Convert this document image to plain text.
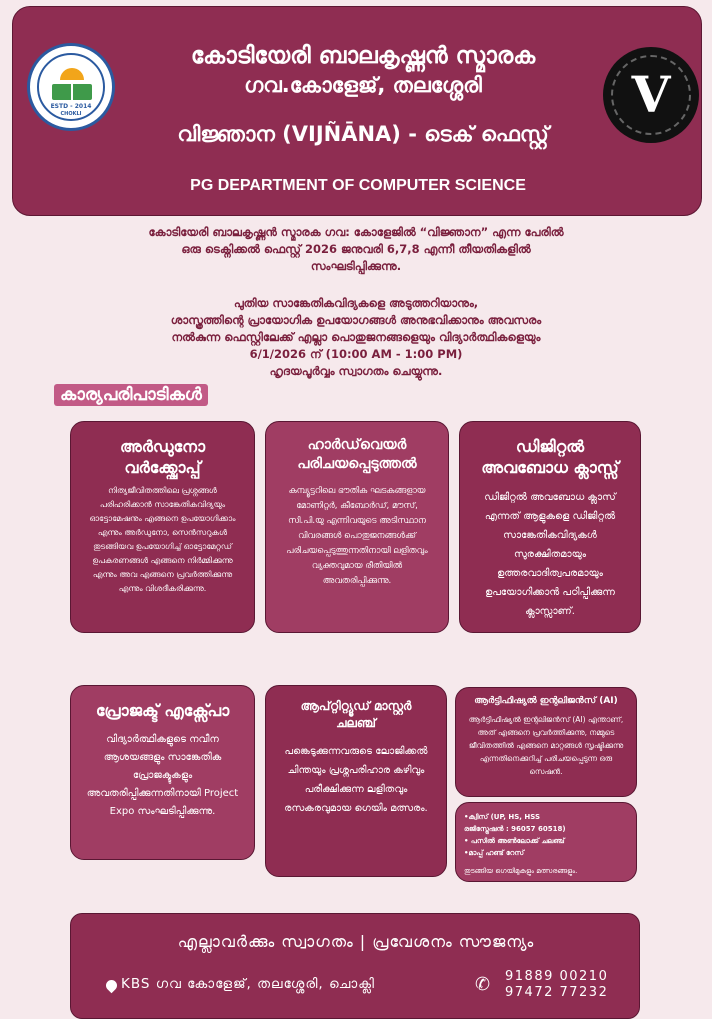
ESTD - 2014
CHOKLI
കോടിയേരി ബാലകൃഷ്ണൻ സ്മാരക
ഗവ.കോളേജ്, തലശ്ശേരി
വിജ്ഞാന (VIJÑĀNA) - ടെക് ഫെസ്റ്റ്
PG DEPARTMENT OF COMPUTER SCIENCE
V
കോടിയേരി ബാലകൃഷ്ണൻ സ്മാരക ഗവ: കോളേജിൽ “വിജ്ഞാന” എന്ന പേരിൽ
ഒരു ടെക്നിക്കൽ ഫെസ്റ്റ് 2026 ജനുവരി 6,7,8 എന്നീ തീയതികളിൽ
സംഘടിപ്പിക്കുന്നു.
പുതിയ സാങ്കേതികവിദ്യകളെ അടുത്തറിയാനും,
ശാസ്ത്രത്തിന്റെ പ്രായോഗിക ഉപയോഗങ്ങൾ അനുഭവിക്കാനും അവസരം
നൽകുന്ന ഫെസ്റ്റിലേക്ക് എല്ലാ പൊതുജനങ്ങളെയും വിദ്യാർത്ഥികളെയും
6/1/2026 ന് (10:00 AM - 1:00 PM)
ഹൃദയപൂർവ്വം സ്വാഗതം ചെയ്യുന്നു.
കാര്യപരിപാടികൾ
അർഡുനോ വർക്ക്ഷോപ്പ്
നിത്യജീവിതത്തിലെ പ്രശ്നങ്ങൾ പരിഹരിക്കാൻ സാങ്കേതികവിദ്യയും ഓട്ടോമേഷനും എങ്ങനെ ഉപയോഗിക്കാം എന്നും അർഡുനോ, സെൻസറുകൾ തുടങ്ങിയവ ഉപയോഗിച്ച് ഓട്ടോമേറ്റഡ് ഉപകരണങ്ങൾ എങ്ങനെ നിർമ്മിക്കുന്നു എന്നും അവ എങ്ങനെ പ്രവർത്തിക്കുന്നു എന്നും വിശദീകരിക്കുന്നു.
ഹാർഡ്‌വെയർ പരിചയപ്പെടുത്തൽ
കമ്പ്യൂട്ടറിലെ ഭൗതിക ഘടകങ്ങളായ മോണിറ്റർ, കീബോർഡ്, മൗസ്, സി.പി.യു എന്നിവയുടെ അടിസ്ഥാന വിവരങ്ങൾ പൊതുജനങ്ങൾക്ക് പരിചയപ്പെടുത്തുന്നതിനായി ലളിതവും വ്യക്തവുമായ രീതിയിൽ അവതരിപ്പിക്കുന്നു.
ഡിജിറ്റൽ അവബോധ ക്ലാസ്സ്
ഡിജിറ്റൽ അവബോധ ക്ലാസ് എന്നത് ആളുകളെ ഡിജിറ്റൽ സാങ്കേതികവിദ്യകൾ സുരക്ഷിതമായും ഉത്തരവാദിത്വപരമായും ഉപയോഗിക്കാൻ പഠിപ്പിക്കുന്ന ക്ലാസ്സാണ്.
പ്രോജക്ട് എക്സ്പോ
വിദ്യാർത്ഥികളുടെ നവീന ആശയങ്ങളും സാങ്കേതിക പ്രോജക്ടുകളും അവതരിപ്പിക്കുന്നതിനായി Project Expo സംഘടിപ്പിക്കുന്നു.
ആപ്റ്റിറ്റ്യൂഡ് മാസ്റ്റർ ചലഞ്ച്
പങ്കെടുക്കുന്നവരുടെ ലോജിക്കൽ ചിന്തയും പ്രശ്നപരിഹാര കഴിവും പരീക്ഷിക്കുന്ന ലളിതവും രസകരവുമായ ഗെയിം മത്സരം.
ആർട്ടിഫിഷ്യൽ ഇന്റലിജൻസ് (AI)
ആർട്ടിഫിഷ്യൽ ഇന്റലിജൻസ് (AI) എന്താണ്, അത് എങ്ങനെ പ്രവർത്തിക്കുന്നു, നമ്മുടെ ജീവിതത്തിൽ എങ്ങനെ മാറ്റങ്ങൾ സൃഷ്ടിക്കുന്നു എന്നതിനെക്കുറിച്ച് പരിചയപ്പെടുന്ന ഒരു സെഷൻ.
•ക്വിസ് (UP, HS, HSS
രജിസ്ട്രേഷൻ : 96057 60518)
• പസിൽ അൺലോക്ക് ചലഞ്ച്
•മാപ്പ് ഹണ്ട് റേസ്
തുടങ്ങിയ ഗെയിമുകളും മത്സരങ്ങളും.
എല്ലാവർക്കും സ്വാഗതം | പ്രവേശനം സൗജന്യം
KBS ഗവ കോളേജ്, തലശ്ശേരി, ചൊക്ലി	✆ 91889 00210
97472 77232
